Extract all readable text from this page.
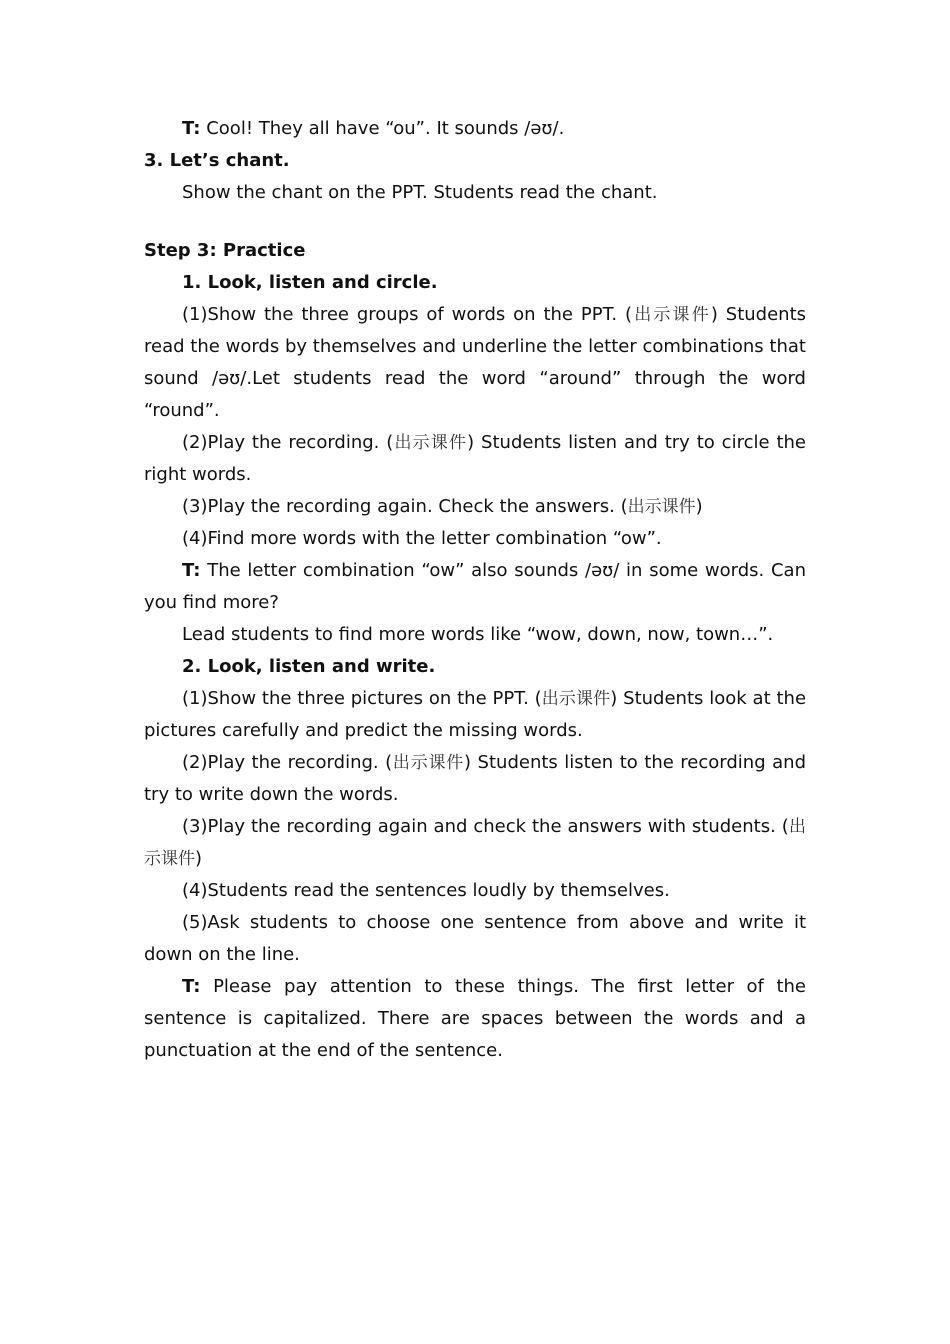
T: Cool! They all have “ou”. It sounds /əʊ/.

3. Let’s chant.

Show the chant on the PPT. Students read the chant.

Step 3: Practice

1. Look, listen and circle.

(1)Show the three groups of words on the PPT. (出示课件) Students read the words by themselves and underline the letter combinations that sound /əʊ/.Let students read the word “around” through the word “round”.

(2)Play the recording. (出示课件) Students listen and try to circle the right words.

(3)Play the recording again. Check the answers. (出示课件)

(4)Find more words with the letter combination “ow”.

T: The letter combination “ow” also sounds /əʊ/ in some words. Can you find more?

Lead students to find more words like “wow, down, now, town…”.

2. Look, listen and write.

(1)Show the three pictures on the PPT. (出示课件) Students look at the pictures carefully and predict the missing words.

(2)Play the recording. (出示课件) Students listen to the recording and try to write down the words.

(3)Play the recording again and check the answers with students. (出示课件)

(4)Students read the sentences loudly by themselves.

(5)Ask students to choose one sentence from above and write it down on the line.

T: Please pay attention to these things. The first letter of the sentence is capitalized. There are spaces between the words and a punctuation at the end of the sentence.
